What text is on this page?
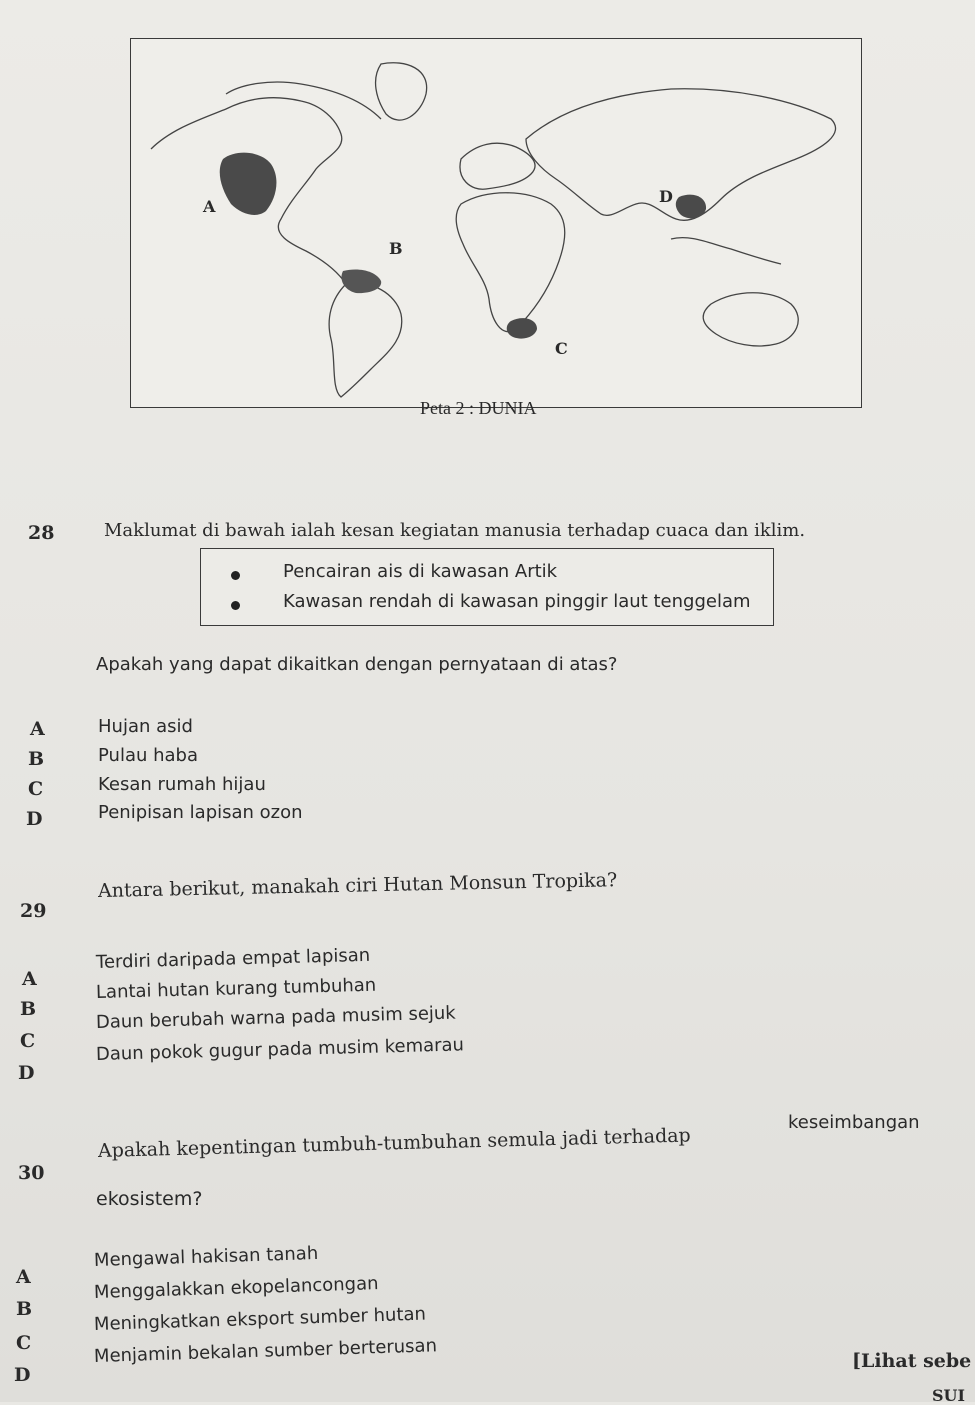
A
B
C
D
Peta 2 : DUNIA
28	Maklumat di bawah ialah kesan kegiatan manusia terhadap cuaca dan iklim.
Pencairan ais di kawasan Artik
Kawasan rendah di kawasan pinggir laut tenggelam
Apakah yang dapat dikaitkan dengan pernyataan di atas?
A	Hujan asid
B	Pulau haba
C	Kesan rumah hijau
D	Penipisan lapisan ozon
29
Antara berikut, manakah ciri Hutan Monsun Tropika?
A
Terdiri daripada empat lapisan
B
Lantai hutan kurang tumbuhan
C
Daun berubah warna pada musim sejuk
D
Daun pokok gugur pada musim kemarau
30
Apakah kepentingan tumbuh-tumbuhan semula jadi terhadap
keseimbangan
ekosistem?
A
Mengawal hakisan tanah
B
Menggalakkan ekopelancongan
C
Meningkatkan eksport sumber hutan
D
Menjamin bekalan sumber berterusan	[Lihat sebe
SUI
